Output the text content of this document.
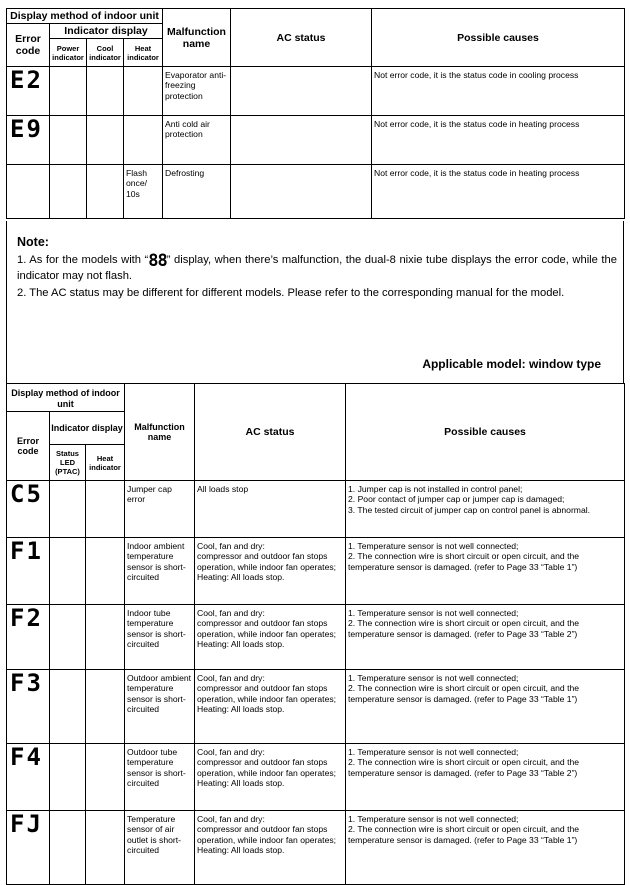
Display method of indoor unit				Malfunction name	AC status	Possible causes
Error code	Indicator display					
	Power indicator	Cool indicator	Heat indicator			
E2				Evaporator anti-freezing protection		Not error code, it is the status code in cooling process
E9				Anti cold air protection		Not error code, it is the status code in heating process
			Flash once/ 10s	Defrosting		Not error code, it is the status code in heating process
Note:
1. As for the models with “88” display, when there’s malfunction, the dual-8 nixie tube displays the error code, while the indicator may not flash.
2. The AC status may be different for different models. Please refer to the corresponding manual for the model.
Applicable model: window type
Display method of indoor unit			Malfunction name	AC status	Possible causes
Error code	Indicator display				
	Status LED (PTAC)	Heat indicator			
C5			Jumper cap error	All loads stop	1. Jumper cap is not installed in control panel;
2. Poor contact of jumper cap or jumper cap is damaged;
3. The tested circuit of jumper cap on control panel is abnormal.
F1			Indoor ambient temperature sensor is short-circuited	Cool, fan and dry:
compressor and outdoor fan stops operation, while indoor fan operates;
Heating: All loads stop.	1. Temperature sensor is not well connected;
2. The connection wire is short circuit or open circuit, and the temperature sensor is damaged. (refer to Page 33 “Table 1”)
F2			Indoor tube temperature sensor is short-circuited	Cool, fan and dry:
compressor and outdoor fan stops operation, while indoor fan operates;
Heating: All loads stop.	1. Temperature sensor is not well connected;
2. The connection wire is short circuit or open circuit, and the temperature sensor is damaged. (refer to Page 33 “Table 2”)
F3			Outdoor ambient temperature sensor is short-circuited	Cool, fan and dry:
compressor and outdoor fan stops operation, while indoor fan operates;
Heating: All loads stop.	1. Temperature sensor is not well connected;
2. The connection wire is short circuit or open circuit, and the temperature sensor is damaged. (refer to Page 33 “Table 1”)
F4			Outdoor tube temperature sensor is short-circuited	Cool, fan and dry:
compressor and outdoor fan stops operation, while indoor fan operates;
Heating: All loads stop.	1. Temperature sensor is not well connected;
2. The connection wire is short circuit or open circuit, and the temperature sensor is damaged. (refer to Page 33 “Table 2”)
FJ			Temperature sensor of air outlet is short-circuited	Cool, fan and dry:
compressor and outdoor fan stops operation, while indoor fan operates;
Heating: All loads stop.	1. Temperature sensor is not well connected;
2. The connection wire is short circuit or open circuit, and the temperature sensor is damaged. (refer to Page 33 “Table 1”)
